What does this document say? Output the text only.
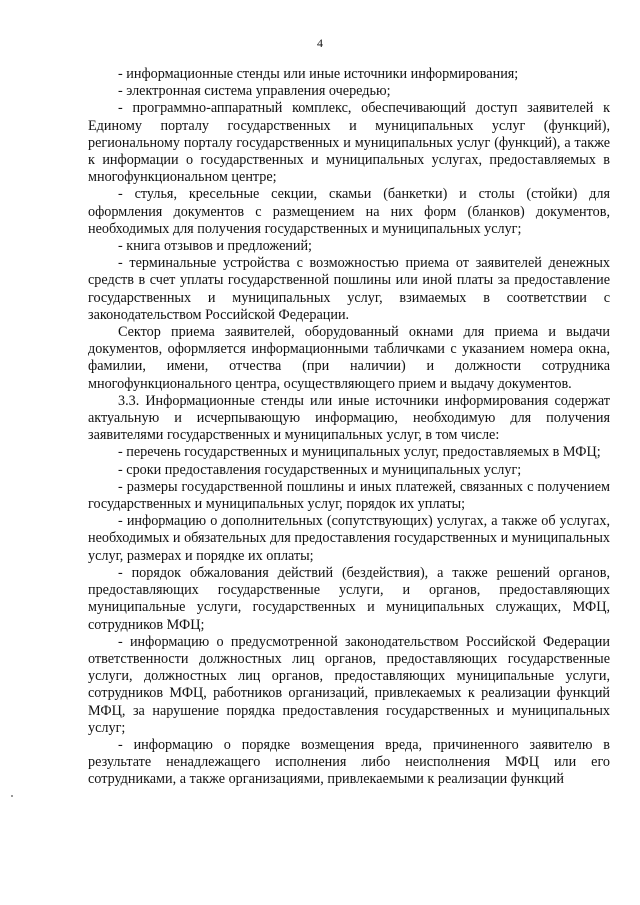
4

- информационные стенды или иные источники информирования;

- электронная система управления очередью;

- программно-аппаратный комплекс, обеспечивающий доступ заявителей к Единому порталу государственных и муниципальных услуг (функций), региональному порталу государственных и муниципальных услуг (функций), а также к информации о государственных и муниципальных услугах, предоставляемых в многофункциональном центре;

- стулья, кресельные секции, скамьи (банкетки) и столы (стойки) для оформления документов с размещением на них форм (бланков) документов, необходимых для получения государственных и муниципальных услуг;

- книга отзывов и предложений;

- терминальные устройства с возможностью приема от заявителей денежных средств в счет уплаты государственной пошлины или иной платы за предоставление государственных и муниципальных услуг, взимаемых в соответствии с законодательством Российской Федерации.

Сектор приема заявителей, оборудованный окнами для приема и выдачи документов, оформляется информационными табличками с указанием номера окна, фамилии, имени, отчества (при наличии) и должности сотрудника многофункционального центра, осуществляющего прием и выдачу документов.

3.3. Информационные стенды или иные источники информирования содержат актуальную и исчерпывающую информацию, необходимую для получения заявителями государственных и муниципальных услуг, в том числе:

- перечень государственных и муниципальных услуг, предоставляемых в МФЦ;

- сроки предоставления государственных и муниципальных услуг;

- размеры государственной пошлины и иных платежей, связанных с получением государственных и муниципальных услуг, порядок их уплаты;

- информацию о дополнительных (сопутствующих) услугах, а также об услугах, необходимых и обязательных для предоставления государственных и муниципальных услуг, размерах и порядке их оплаты;

- порядок обжалования действий (бездействия), а также решений органов, предоставляющих государственные услуги, и органов, предоставляющих муниципальные услуги, государственных и муниципальных служащих, МФЦ, сотрудников МФЦ;

- информацию о предусмотренной законодательством Российской Федерации ответственности должностных лиц органов, предоставляющих государственные услуги, должностных лиц органов, предоставляющих муниципальные услуги, сотрудников МФЦ, работников организаций, привлекаемых к реализации функций МФЦ, за нарушение порядка предоставления государственных и муниципальных услуг;

- информацию о порядке возмещения вреда, причиненного заявителю в результате ненадлежащего исполнения либо неисполнения МФЦ или его сотрудниками, а также организациями, привлекаемыми к реализации функций
